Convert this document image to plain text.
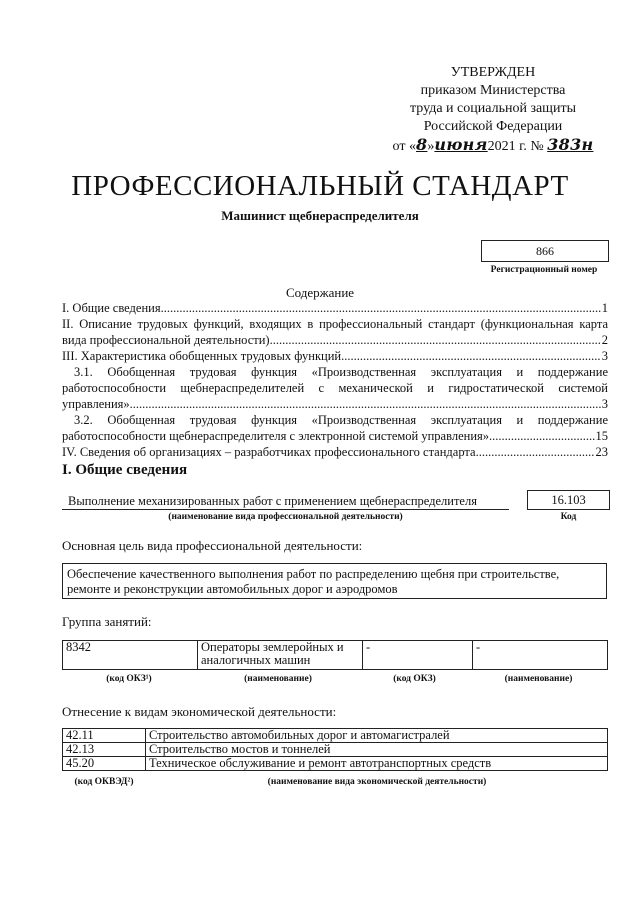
УТВЕРЖДЕН
приказом Министерства
труда и социальной защиты
Российской Федерации
от «8»июня2021 г. № 383н
ПРОФЕССИОНАЛЬНЫЙ СТАНДАРТ
Машинист щебнераспределителя
866
Регистрационный номер
Содержание
I. Общие сведения .....	1
II. Описание трудовых функций, входящих в профессиональный стандарт (функциональная карта
вида профессиональной деятельности) .....	2
III. Характеристика обобщенных трудовых функций .....	3
3.1. Обобщенная трудовая функция «Производственная эксплуатация и поддержание
работоспособности щебнераспределителей с механической и гидростатической системой
управления» .....	3
3.2. Обобщенная трудовая функция «Производственная эксплуатация и поддержание
работоспособности щебнераспределителя с электронной системой управления» .....	15
IV. Сведения об организациях – разработчиках профессионального стандарта .....	23
I. Общие сведения
Выполнение механизированных работ с применением щебнераспределителя
(наименование вида профессиональной деятельности)
16.103
Код
Основная цель вида профессиональной деятельности:
Обеспечение качественного выполнения работ по распределению щебня при строительстве,
ремонте и реконструкции автомобильных дорог и аэродромов
Группа занятий:
8342	Операторы землеройных и
аналогичных машин
	-	-
(код ОКЗ¹)	(наименование)	(код ОКЗ)	(наименование)
Отнесение к видам экономической деятельности:
42.11	Строительство автомобильных дорог и автомагистралей
42.13	Строительство мостов и тоннелей
45.20	Техническое обслуживание и ремонт автотранспортных средств
(код ОКВЭД²)	(наименование вида экономической деятельности)
